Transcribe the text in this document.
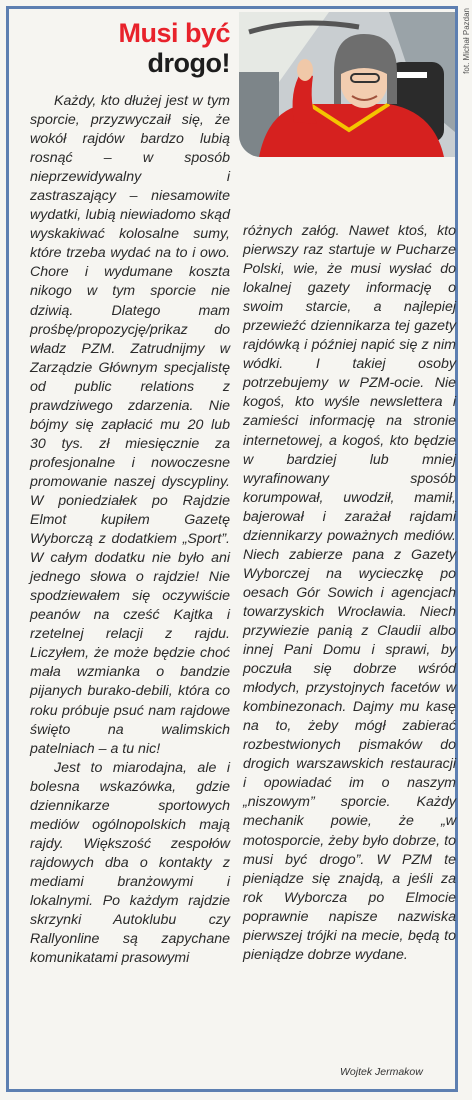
Musi być
drogo!	fot. Michał Pazdan

Każdy, kto dłużej jest w tym sporcie, przyzwyczaił się, że wokół rajdów bardzo lubią rosnąć – w sposób nieprzewidywalny i zastraszający – niesamowite wydatki, lubią niewiadomo skąd wyskakiwać kolosalne sumy, które trzeba wydać na to i owo. Chore i wydumane koszta nikogo w tym sporcie nie dziwią. Dlatego mam prośbę/propozycję/prikaz do władz PZM. Zatrudnijmy w Zarządzie Głównym specjalistę od public relations z prawdziwego zdarzenia. Nie bójmy się zapłacić mu 20 lub 30 tys. zł miesięcznie za profesjonalne i nowoczesne promowanie naszej dyscypliny. W poniedziałek po Rajdzie Elmot kupiłem Gazetę Wyborczą z dodatkiem „Sport”. W całym dodatku nie było ani jednego słowa o rajdzie! Nie spodziewałem się oczywiście peanów na cześć Kajtka i rzetelnej relacji z rajdu. Liczyłem, że może będzie choć mała wzmianka o bandzie pijanych burako-debili, która co roku próbuje psuć nam rajdowe święto na walimskich patelniach – a tu nic!

Jest to miarodajna, ale i bolesna wskazówka, gdzie dziennikarze sportowych mediów ogólnopolskich mają rajdy. Większość zespołów rajdowych dba o kontakty z mediami branżowymi i lokalnymi. Po każdym rajdzie skrzynki Autoklubu czy Rallyonline są zapychane komunikatami prasowymi

różnych załóg. Nawet ktoś, kto pierwszy raz startuje w Pucharze Polski, wie, że musi wysłać do lokalnej gazety informację o swoim starcie, a najlepiej przewieźć dziennikarza tej gazety rajdówką i później napić się z nim wódki. I takiej osoby potrzebujemy w PZM-ocie. Nie kogoś, kto wyśle newslettera i zamieści informację na stronie internetowej, a kogoś, kto będzie w bardziej lub mniej wyrafinowany sposób korumpował, uwodził, mamił, bajerował i zarażał rajdami dziennikarzy poważnych mediów. Niech zabierze pana z Gazety Wyborczej na wycieczkę po oesach Gór Sowich i agencjach towarzyskich Wrocławia. Niech przywiezie panią z Claudii albo innej Pani Domu i sprawi, by poczuła się dobrze wśród młodych, przystojnych facetów w kombinezonach. Dajmy mu kasę na to, żeby mógł zabierać rozbestwionych pismaków do drogich warszawskich restauracji i opowiadać im o naszym „niszowym” sporcie. Każdy mechanik powie, że „w motosporcie, żeby było dobrze, to musi być drogo”. W PZM te pieniądze się znajdą, a jeśli za rok Wyborcza po Elmocie poprawnie napisze nazwiska pierwszej trójki na mecie, będą to pieniądze dobrze wydane.

Wojtek Jermakow
